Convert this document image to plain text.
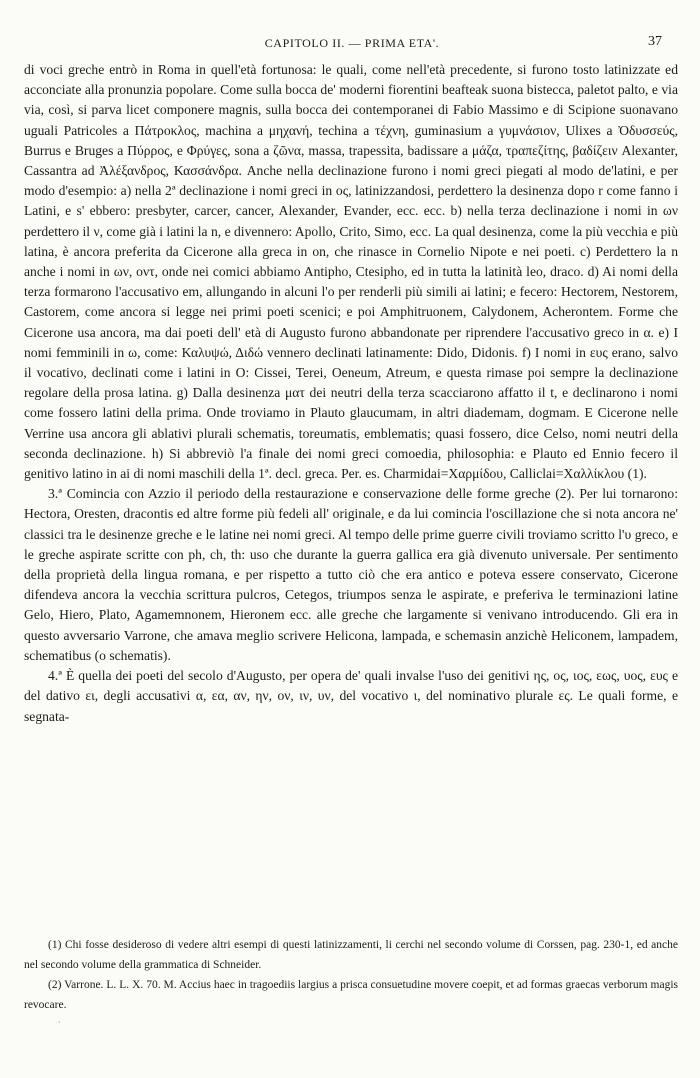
CAPITOLO II. — PRIMA ETA'.	37

di voci greche entrò in Roma in quell'età fortunosa: le quali, come nell'età precedente, si furono tosto latinizzate ed acconciate alla pronunzia popolare. Come sulla bocca de' moderni fiorentini beafteak suona bistecca, paletot palto, e via via, così, si parva licet componere magnis, sulla bocca dei contemporanei di Fabio Massimo e di Scipione suonavano uguali Patricoles a Πάτροκλος, machina a μηχανή, techina a τέχνη, guminasium a γυμνάσιον, Ulixes a Ὀδυσσεύς, Burrus e Bruges a Πύρρος, e Φρύγες, sona a ζῶνα, massa, trapessita, badissare a μάζα, τραπεζίτης, βαδίζειν Alexanter, Cassantra ad Ἀλέξανδρος, Κασσάνδρα. Anche nella declinazione furono i nomi greci piegati al modo de'latini, e per modo d'esempio: a) nella 2ª declinazione i nomi greci in ος, latinizzandosi, perdettero la desinenza dopo r come fanno i Latini, e s' ebbero: presbyter, carcer, cancer, Alexander, Evander, ecc. ecc. b) nella terza declinazione i nomi in ων perdettero il ν, come già i latini la n, e divennero: Apollo, Crito, Simo, ecc. La qual desinenza, come la più vecchia e più latina, è ancora preferita da Cicerone alla greca in on, che rinasce in Cornelio Nipote e nei poeti. c) Perdettero la n anche i nomi in ων, οντ, onde nei comici abbiamo Antipho, Ctesipho, ed in tutta la latinità leo, draco. d) Ai nomi della terza formarono l'accusativo em, allungando in alcuni l'o per renderli più simili ai latini; e fecero: Hectorem, Nestorem, Castorem, come ancora si legge nei primi poeti scenici; e poi Amphitruonem, Calydonem, Acherontem. Forme che Cicerone usa ancora, ma dai poeti dell' età di Augusto furono abbandonate per riprendere l'accusativo greco in α. e) I nomi femminili in ω, come: Καλυψώ, Διδώ vennero declinati latinamente: Dido, Didonis. f) I nomi in ευς erano, salvo il vocativo, declinati come i latini in O: Cissei, Terei, Oeneum, Atreum, e questa rimase poi sempre la declinazione regolare della prosa latina. g) Dalla desinenza ματ dei neutri della terza scacciarono affatto il t, e declinarono i nomi come fossero latini della prima. Onde troviamo in Plauto glaucumam, in altri diademam, dogmam. E Cicerone nelle Verrine usa ancora gli ablativi plurali schematis, toreumatis, emblematis; quasi fossero, dice Celso, nomi neutri della seconda declinazione. h) Si abbreviò l'a finale dei nomi greci comoedia, philosophia: e Plauto ed Ennio fecero il genitivo latino in ai di nomi maschili della 1ª. decl. greca. Per. es. Charmidai=Χαρμίδου, Calliclai=Χαλλίκλου (1).

3.ª Comincia con Azzio il periodo della restaurazione e conservazione delle forme greche (2). Per lui tornarono: Hectora, Oresten, dracontis ed altre forme più fedeli all' originale, e da lui comincia l'oscillazione che si nota ancora ne' classici tra le desinenze greche e le latine nei nomi greci. Al tempo delle prime guerre civili troviamo scritto l'υ greco, e le greche aspirate scritte con ph, ch, th: uso che durante la guerra gallica era già divenuto universale. Per sentimento della proprietà della lingua romana, e per rispetto a tutto ciò che era antico e poteva essere conservato, Cicerone difendeva ancora la vecchia scrittura pulcros, Cetegos, triumpos senza le aspirate, e preferiva le terminazioni latine Gelo, Hiero, Plato, Agamemnonem, Hieronem ecc. alle greche che largamente si venivano introducendo. Gli era in questo avversario Varrone, che amava meglio scrivere Helicona, lampada, e schemasin anzichè Heliconem, lampadem, schematibus (o schematis).

4.ª È quella dei poeti del secolo d'Augusto, per opera de' quali invalse l'uso dei genitivi ης, ος, ιος, εως, υος, ευς e del dativo ει, degli accusativi α, εα, αν, ην, ον, ιν, υν, del vocativo ι, del nominativo plurale ες. Le quali forme, e segnata-

(1) Chi fosse desideroso di vedere altri esempi di questi latinizzamenti, li cerchi nel secondo volume di Corssen, pag. 230-1, ed anche nel secondo volume della grammatica di Schneider.

(2) Varrone. L. L. X. 70. M. Accius haec in tragoediis largius a prisca consuetudine movere coepit, et ad formas graecas verborum magis revocare.

·
